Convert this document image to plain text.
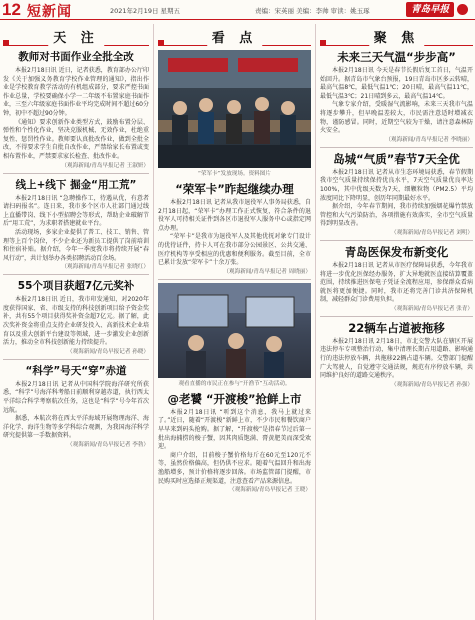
12 短新闻	2021年2月19日 星期五	责编：宋英丽 美编：李帅 审读：姚玉琢	青岛早报
天 注
教师对书面作业全批全改

本报2月18日讯 近日，记者获悉，教育部办公厅印发《关于加强义务教育学校作业管理的通知》，指出作业是学校教育教学活动的有机组成部分，要求严控书面作业总量，学校要确保小学一二年级不布置家庭书面作业，三至六年级家庭书面作业平均完成时间不超过60分钟，初中不超过90分钟。

《通知》要求创新作业类型方式，鼓励布置分层、弹性和个性化作业，坚决克服机械、无效作业，杜绝重复性、惩罚性作业。教师要认真批改作业，做到全批全改，不得要求学生自批自改作业，严禁给家长布置或变相布置作业，严禁要求家长检查、批改作业。

（观海新闻/青岛早报记者 王淑妍）
线上+线下 掘金“用工荒”

本报2月18日讯 “急聘操作工，待遇从优，有意者请扫码报名”。连日来，我市多个区市人社部门通过线上直播带岗、线下小型招聘会等形式，帮助企业破解节后“用工荒”，为求职者搭建就业平台。

活动现场，多家企业提供了普工、技工、销售、管理等上百个岗位，不少企业还为新员工提供了岗前培训和住宿补贴。据介绍，今年一季度我市将持续开展“春风行动”，共计划举办各类招聘活动百余场。

（观海新闻/青岛早报记者 张晓红）
55个项目获超7亿元奖补

本报2月18日讯 近日，我市印发通知，对2020年度获得国家、省、市级支持的科技创新项目给予资金奖补，共有55个项目获得奖补资金超7亿元。据了解，此次奖补资金将重点支持企业研发投入、高新技术企业培育以及重大创新平台建设等领域，进一步激发企业创新活力，推动全市科技创新能力持续提升。

（观海新闻/青岛早报记者 孙晓）
“科学”号天“穿”赤道

本报2月18日讯 记者从中国科学院海洋研究所获悉，“科学”号海洋科考船日前顺利穿越赤道，执行西太平洋综合科学考察航次任务，这也是“科学”号今年首次远航。

据悉，本航次将在西太平洋海域开展物理海洋、海洋化学、海洋生物等多学科综合观测，为我国海洋科学研究提供第一手数据资料。

（观海新闻/青岛早报记者 李勃）
看 点
“荣军卡”发放现场。资料图片
“荣军卡”昨起继续办理

本报2月18日讯 记者从我市退役军人事务局获悉，自2月18日起，“荣军卡”办理工作正式恢复，符合条件的退役军人可持相关证件到各区市退役军人服务中心或指定网点办理。

“荣军卡”是我市为退役军人及其他优抚对象专门设计的优待证件，持卡人可在我市部分公园景区、公共交通、医疗机构等享受相应的优惠和便利服务。截至目前，全市已累计发放“荣军卡”十余万张。

（观海新闻/青岛早报记者 周晓丽）
观看直播的市民正在参与“开渔节”互动活动。
@老饕 “开渡梭”抢鲜上市

本报2月18日讯 “听到这个消息，我马上就过来了。”近日，随着“开渡梭”新鲜上市，不少市民和餐饮商户早早来到码头抢购。据了解，“开渡梭”是指春节过后第一批出海捕捞的梭子蟹，因其肉质饱满、膏黄肥美而深受欢迎。

商户介绍，目前梭子蟹价格每斤在60元至120元不等，虽然价格偏高，但仍供不应求。随着气温回升和出海渔船增多，预计价格将逐步回落。市场监管部门提醒，市民购买时应选择正规渠道，注意查看产品来源信息。

（观海新闻/青岛早报记者 王晓）
聚 焦
未来三天气温“步步高”

本报2月18日讯 今天是春节长假后复工首日，气温开始回升。据青岛市气象台预报，19日青岛市区多云转晴，最高气温8℃，最低气温1℃；20日晴，最高气温11℃，最低气温3℃；21日晴到多云，最高气温14℃。

气象专家介绍，受暖湿气流影响，未来三天我市气温将逐步攀升，但早晚温差较大，市民需注意适时增减衣物，谨防感冒。同时，近期空气较为干燥，请注意森林防火安全。

（观海新闻/青岛早报记者 李晓丽）
岛城“气质”春节7天全优

本报2月18日讯 记者从市生态环境局获悉，春节假期我市空气质量持续保持优良水平，7天空气质量优良率达100%，其中优级天数为7天，细颗粒物（PM2.5）平均浓度同比下降明显，创历年同期最好水平。

据介绍，今年春节期间，我市持续加强烟花爆竹禁放管控和大气污染防治，各项措施有效落实，全市空气质量得到明显改善。

（观海新闻/青岛早报记者 刘明）
青岛医保发布新变化

本报2月18日讯 记者从市医疗保障局获悉，今年我市将进一步优化医保经办服务，扩大异地就医直接结算覆盖范围，持续推进医保电子凭证全流程应用，参保群众看病就医将更加便捷。同时，我市还将完善门诊共济保障机制，减轻群众门诊费用负担。

（观海新闻/青岛早报记者 张青）
22辆车占道被拖移

本报2月18日讯 2月18日，市北交警大队在辖区开展违法停车专项整治行动，集中清理长期占用道路、影响通行的违法停放车辆，共拖移22辆占道车辆。交警部门提醒广大驾驶人，自觉遵守交通法规，规范有序停放车辆，共同维护良好的道路交通秩序。

（观海新闻/青岛早报记者 孙强）
